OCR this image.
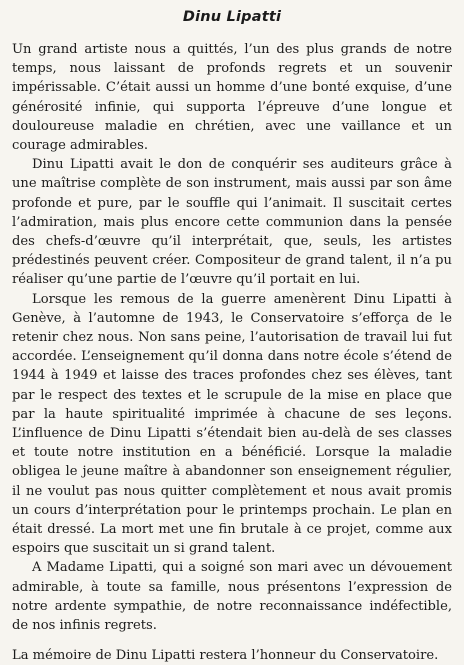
Dinu Lipatti

Un grand artiste nous a quittés, l’un des plus grands de notre temps, nous laissant de profonds regrets et un souvenir impérissable. C’était aussi un homme d’une bonté exquise, d’une générosité infinie, qui supporta l’épreuve d’une longue et douloureuse maladie en chrétien, avec une vaillance et un courage admirables.

Dinu Lipatti avait le don de conquérir ses auditeurs grâce à une maîtrise complète de son instrument, mais aussi par son âme profonde et pure, par le souffle qui l’animait. Il suscitait certes l’admiration, mais plus encore cette communion dans la pensée des chefs-d’œuvre qu’il interprétait, que, seuls, les artistes prédestinés peuvent créer. Compositeur de grand talent, il n’a pu réaliser qu’une partie de l’œuvre qu’il portait en lui.

Lorsque les remous de la guerre amenèrent Dinu Lipatti à Genève, à l’automne de 1943, le Conservatoire s’efforça de le retenir chez nous. Non sans peine, l’autorisation de travail lui fut accordée. L’enseignement qu’il donna dans notre école s’étend de 1944 à 1949 et laisse des traces profondes chez ses élèves, tant par le respect des textes et le scrupule de la mise en place que par la haute spiritualité imprimée à chacune de ses leçons. L’influence de Dinu Lipatti s’étendait bien au-delà de ses classes et toute notre institution en a bénéficié. Lorsque la maladie obligea le jeune maître à abandonner son enseignement régulier, il ne voulut pas nous quitter complètement et nous avait promis un cours d’interprétation pour le printemps prochain. Le plan en était dressé. La mort met une fin brutale à ce projet, comme aux espoirs que suscitait un si grand talent.

A Madame Lipatti, qui a soigné son mari avec un dévouement admirable, à toute sa famille, nous présentons l’expression de notre ardente sympathie, de notre reconnaissance indéfectible, de nos infinis regrets.

La mémoire de Dinu Lipatti restera l’honneur du Conservatoire.
